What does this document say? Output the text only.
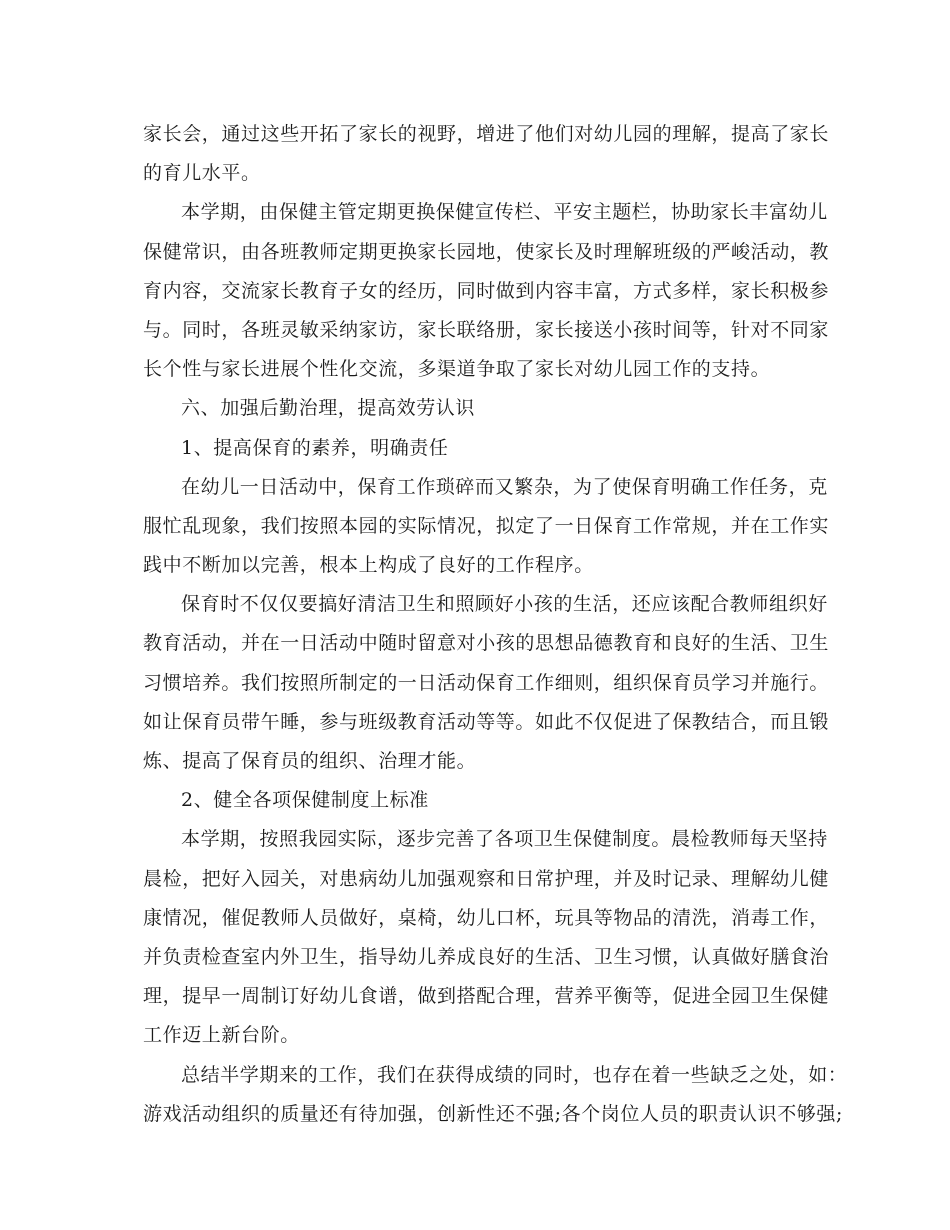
家长会，通过这些开拓了家长的视野，增进了他们对幼儿园的理解，提高了家长
的育儿水平。
本学期，由保健主管定期更换保健宣传栏、平安主题栏，协助家长丰富幼儿
保健常识，由各班教师定期更换家长园地，使家长及时理解班级的严峻活动，教
育内容，交流家长教育子女的经历，同时做到内容丰富，方式多样，家长积极参
与。同时，各班灵敏采纳家访，家长联络册，家长接送小孩时间等，针对不同家
长个性与家长进展个性化交流，多渠道争取了家长对幼儿园工作的支持。
六、加强后勤治理，提高效劳认识
1、提高保育的素养，明确责任
在幼儿一日活动中，保育工作琐碎而又繁杂，为了使保育明确工作任务，克
服忙乱现象，我们按照本园的实际情况，拟定了一日保育工作常规，并在工作实
践中不断加以完善，根本上构成了良好的工作程序。
保育时不仅仅要搞好清洁卫生和照顾好小孩的生活，还应该配合教师组织好
教育活动，并在一日活动中随时留意对小孩的思想品德教育和良好的生活、卫生
习惯培养。我们按照所制定的一日活动保育工作细则，组织保育员学习并施行。
如让保育员带午睡，参与班级教育活动等等。如此不仅促进了保教结合，而且锻
炼、提高了保育员的组织、治理才能。
2、健全各项保健制度上标准
本学期，按照我园实际，逐步完善了各项卫生保健制度。晨检教师每天坚持
晨检，把好入园关，对患病幼儿加强观察和日常护理，并及时记录、理解幼儿健
康情况，催促教师人员做好，桌椅，幼儿口杯，玩具等物品的清洗，消毒工作，
并负责检查室内外卫生，指导幼儿养成良好的生活、卫生习惯，认真做好膳食治
理，提早一周制订好幼儿食谱，做到搭配合理，营养平衡等，促进全园卫生保健
工作迈上新台阶。
总结半学期来的工作，我们在获得成绩的同时，也存在着一些缺乏之处，如：
游戏活动组织的质量还有待加强，创新性还不强;各个岗位人员的职责认识不够强;
